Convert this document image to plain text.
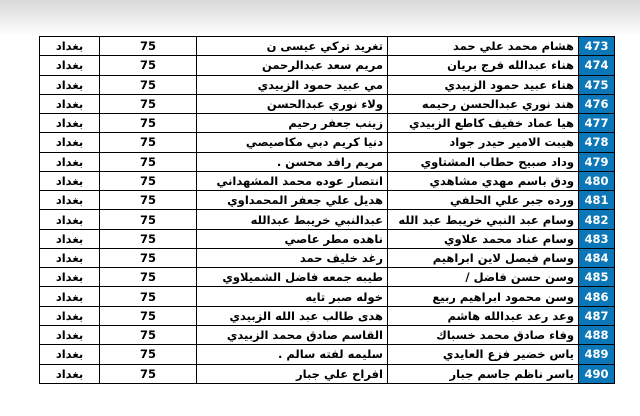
473	هشام محمد علي حمد	تغريد تركي عيسى ن	75	بغداد
474	هناء عبدالله فرج بريان	مريم سعد عبدالرحمن	75	بغداد
475	هناء عبيد حمود الزبيدي	مي عبيد حمود الزبيدي	75	بغداد
476	هند نوري عبدالحسن رحيمه	ولاء نوري عبدالحسن	75	بغداد
477	هيا عماد خفيف كاطع الزبيدي	زينب جعفر رحيم	75	بغداد
478	هيبت الامير حيدر جواد	دنيا كريم دبي مكاصيصي	75	بغداد
479	وداد صبيح حطاب المشتاوي	مريم رافد محسن .	75	بغداد
480	ودق باسم مهدي مشاهدي	انتصار عوده محمد المشهداني	75	بغداد
481	ورده جبر علي الحلفي	هديل علي جعفر المحمداوي	75	بغداد
482	وسام عبد النبي خريبط عبد الله	عبدالنبي خريبط عبدالله	75	بغداد
483	وسام عناد محمد علاوي	ناهده مطر عاصي	75	بغداد
484	وسام فيصل لاين ابراهيم	رغد خليف حمد	75	بغداد
485	وسن حسن فاضل /	طيبه جمعه فاضل الشميلاوي	75	بغداد
486	وسن محمود ابراهيم ربيع	خوله صبر تايه	75	بغداد
487	وعد رعد عبدالله هاشم	هدى طالب عبد الله الزبيدي	75	بغداد
488	وفاء صادق محمد خسباك	القاسم صادق محمد الزبيدي	75	بغداد
489	ياس خضير فزع العايدي	سليمه لفته سالم .	75	بغداد
490	ياسر ناظم جاسم جبار	افراح علي جبار	75	بغداد
